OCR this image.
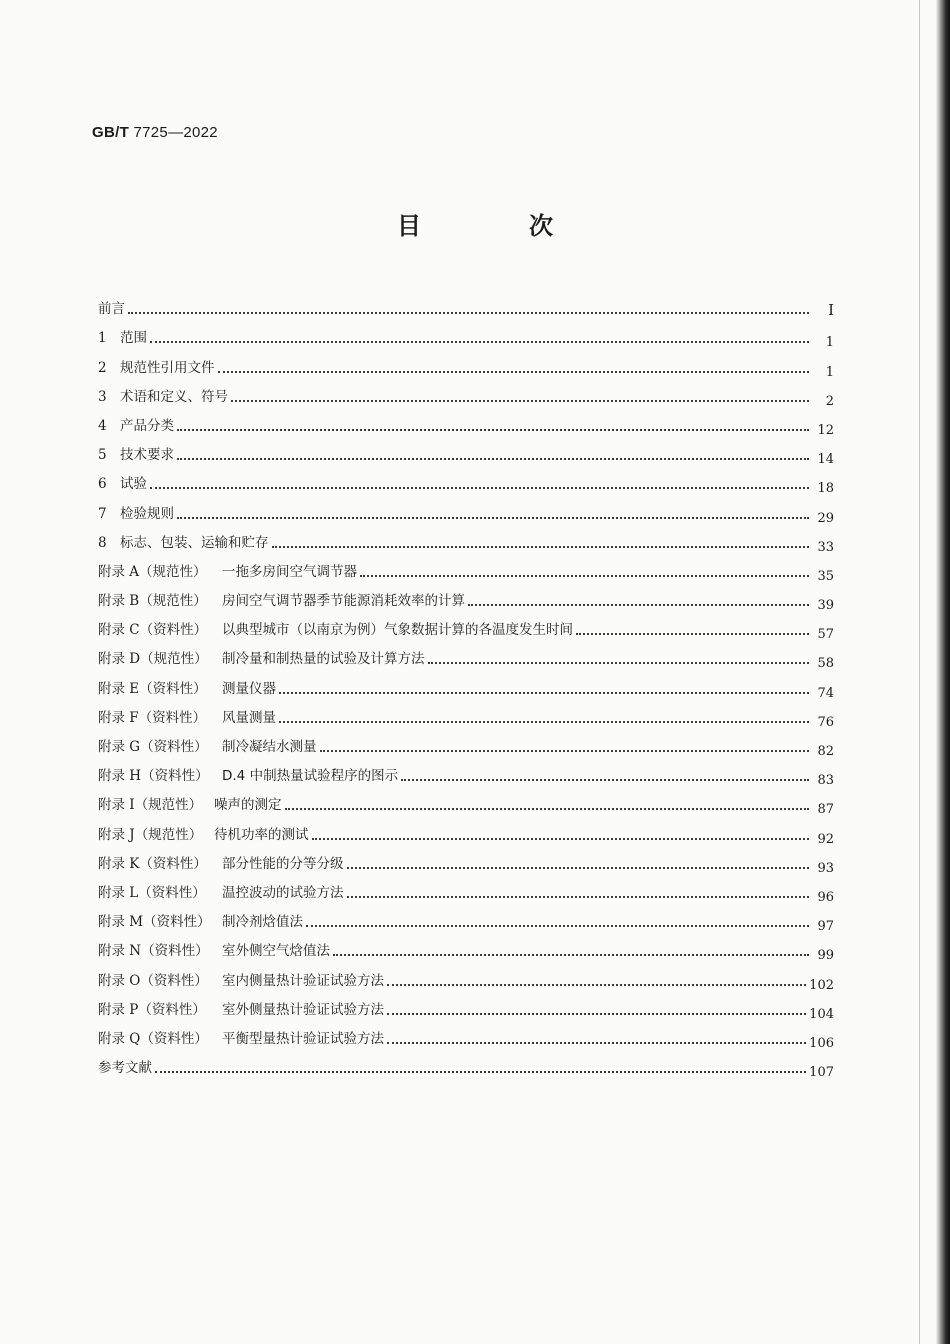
GB/T 7725—2022
目　次
前言	I
1 范围	1
2 规范性引用文件	1
3 术语和定义、符号	2
4 产品分类	12
5 技术要求	14
6 试验	18
7 检验规则	29
8 标志、包装、运输和贮存	33
附录 A（规范性）	一拖多房间空气调节器	35
附录 B（规范性）	房间空气调节器季节能源消耗效率的计算	39
附录 C（资料性）	以典型城市（以南京为例）气象数据计算的各温度发生时间	57
附录 D（规范性）	制冷量和制热量的试验及计算方法	58
附录 E（资料性）	测量仪器	74
附录 F（资料性）	风量测量	76
附录 G（资料性）	制冷凝结水测量	82
附录 H（资料性） D.4 中制热量试验程序的图示	83
附录 I（规范性） 噪声的测定	87
附录 J（规范性） 待机功率的测试	92
附录 K（资料性）	部分性能的分等分级	93
附录 L（资料性）	温控波动的试验方法	96
附录 M（资料性） 制冷剂焓值法	97
附录 N（资料性） 室外侧空气焓值法	99
附录 O（资料性）	室内侧量热计验证试验方法	102
附录 P（资料性）	室外侧量热计验证试验方法	104
附录 Q（资料性）	平衡型量热计验证试验方法	106
参考文献	107
